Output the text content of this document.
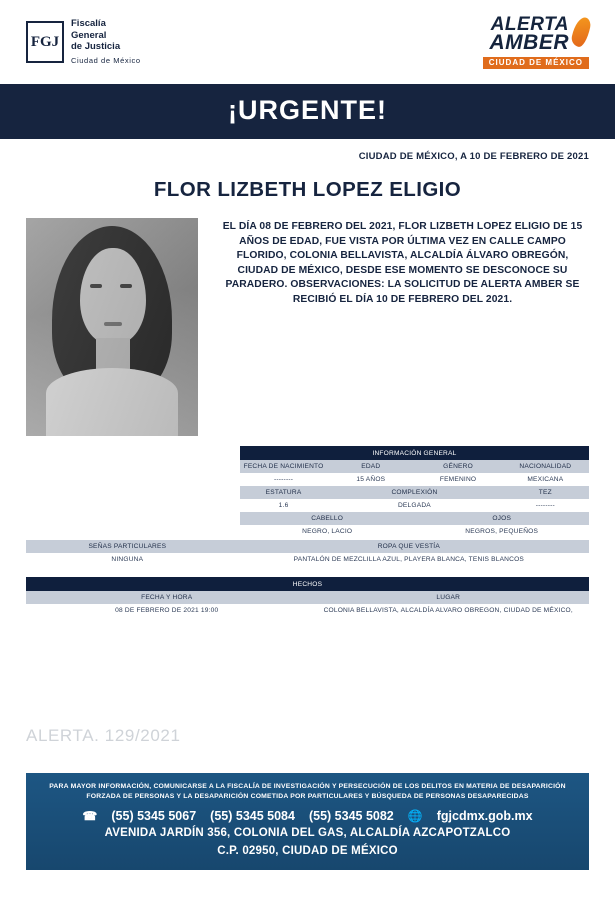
FGJ
Fiscalía
General
de Justicia
Ciudad de México
ALERTA
AMBER
CIUDAD DE MÉXICO
¡URGENTE!
CIUDAD DE MÉXICO, A 10 DE FEBRERO DE 2021
FLOR LIZBETH LOPEZ ELIGIO
EL DÍA 08 DE FEBRERO DEL 2021, FLOR LIZBETH LOPEZ ELIGIO DE 15 AÑOS DE EDAD, FUE VISTA POR ÚLTIMA VEZ EN CALLE CAMPO FLORIDO, COLONIA BELLAVISTA, ALCALDÍA ÁLVARO OBREGÓN, CIUDAD DE MÉXICO, DESDE ESE MOMENTO SE DESCONOCE SU PARADERO. OBSERVACIONES: LA SOLICITUD DE ALERTA AMBER SE RECIBIÓ EL DÍA 10 DE FEBRERO DEL 2021.
INFORMACIÓN GENERAL			
FECHA DE NACIMIENTO	EDAD	GÉNERO	NACIONALIDAD
--------	15 AÑOS	FEMENINO	MEXICANA
ESTATURA	COMPLEXIÓN		TEZ
1.6	DELGADA		--------
CABELLO		OJOS	
NEGRO, LACIO		NEGROS, PEQUEÑOS	
SEÑAS PARTICULARES	ROPA QUE VESTÍA
NINGUNA	PANTALÓN DE MEZCLILLA AZUL, PLAYERA BLANCA, TENIS BLANCOS
HECHOS	
FECHA Y HORA	LUGAR
08 DE FEBRERO DE 2021 19:00	COLONIA BELLAVISTA, ALCALDÍA ALVARO OBREGON, CIUDAD DE MÉXICO,
ALERTA. 129/2021
PARA MAYOR INFORMACIÓN, COMUNICARSE A LA FISCALÍA DE INVESTIGACIÓN Y PERSECUCIÓN DE LOS DELITOS EN MATERIA DE DESAPARICIÓN
FORZADA DE PERSONAS Y LA DESAPARICIÓN COMETIDA POR PARTICULARES Y BÚSQUEDA DE PERSONAS DESAPARECIDAS
☎ (55) 5345 5067 (55) 5345 5084 (55) 5345 5082 🌐 fgjcdmx.gob.mx
AVENIDA JARDÍN 356, COLONIA DEL GAS, ALCALDÍA AZCAPOTZALCO
C.P. 02950, CIUDAD DE MÉXICO
